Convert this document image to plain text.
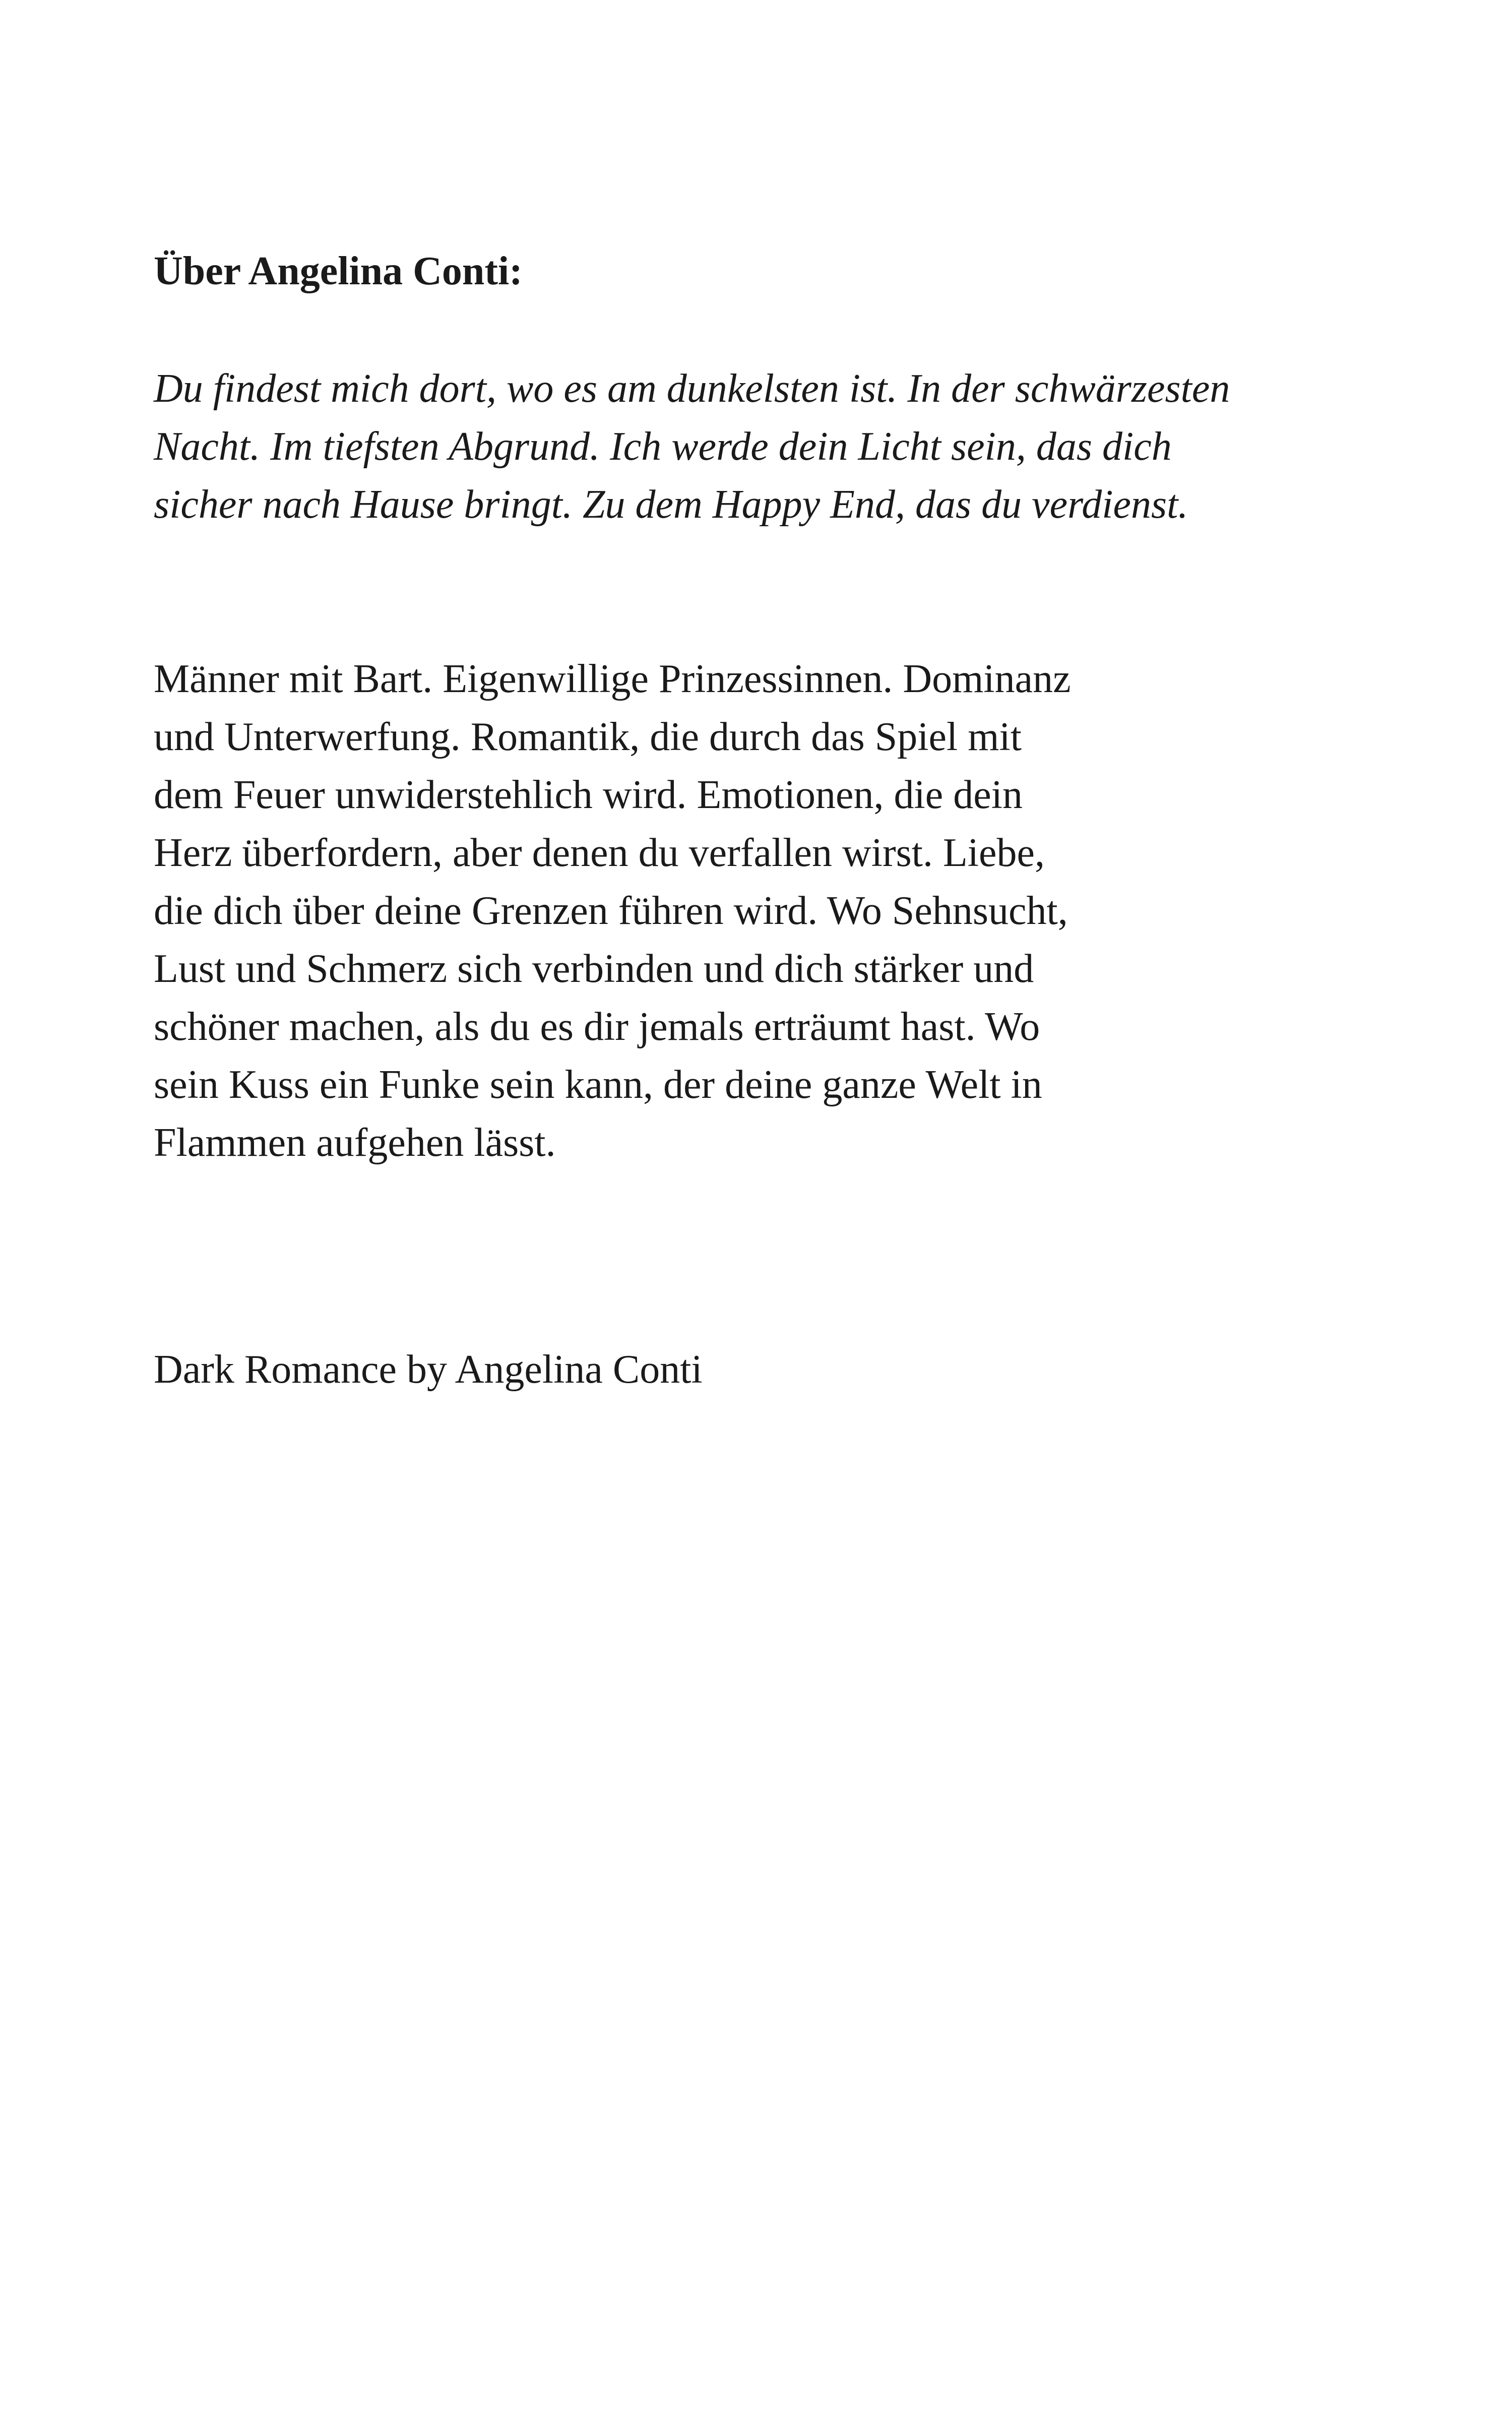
Über Angelina Conti:

Du findest mich dort, wo es am dunkelsten ist. In der schwärzesten
Nacht. Im tiefsten Abgrund. Ich werde dein Licht sein, das dich
sicher nach Hause bringt. Zu dem Happy End, das du verdienst.

Männer mit Bart. Eigenwillige Prinzessinnen. Dominanz
und Unterwerfung. Romantik, die durch das Spiel mit
dem Feuer unwiderstehlich wird. Emotionen, die dein
Herz überfordern, aber denen du verfallen wirst. Liebe,
die dich über deine Grenzen führen wird. Wo Sehnsucht,
Lust und Schmerz sich verbinden und dich stärker und
schöner machen, als du es dir jemals erträumt hast. Wo
sein Kuss ein Funke sein kann, der deine ganze Welt in
Flammen aufgehen lässt.

Dark Romance by Angelina Conti
